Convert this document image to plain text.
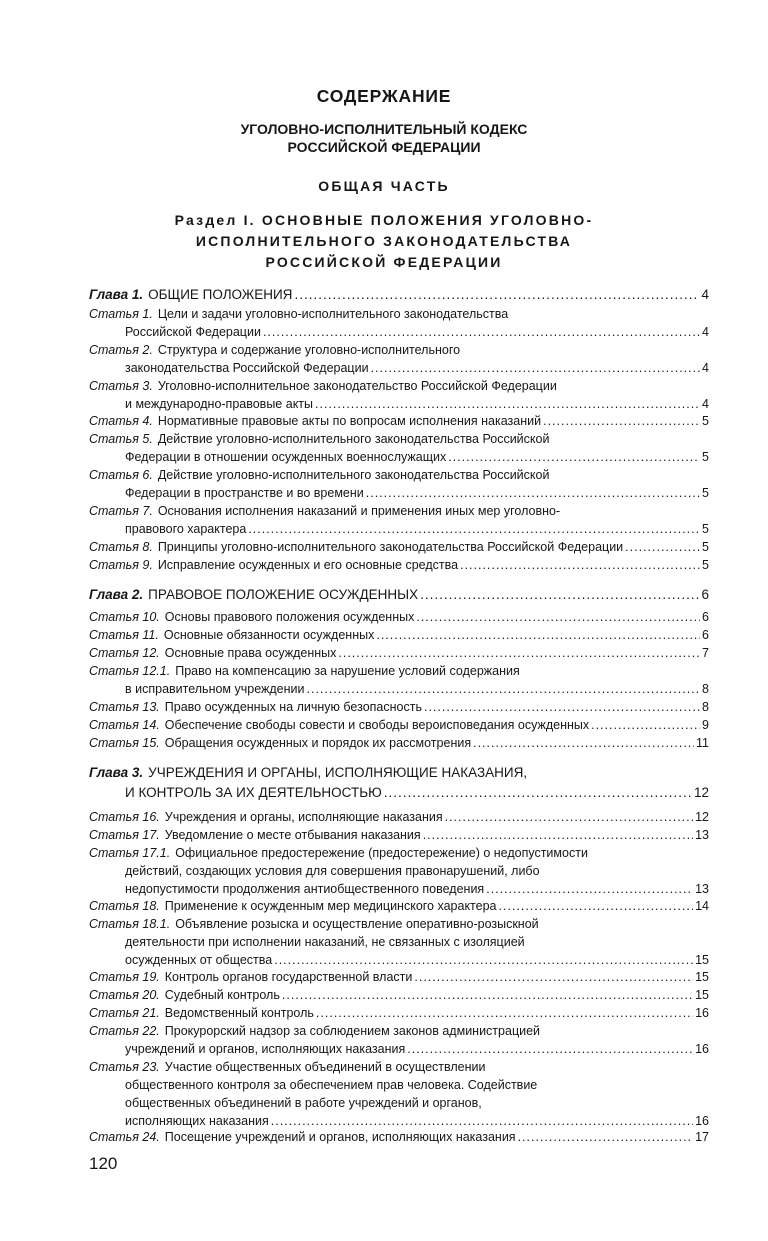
СОДЕРЖАНИЕ
УГОЛОВНО-ИСПОЛНИТЕЛЬНЫЙ КОДЕКС
РОССИЙСКОЙ ФЕДЕРАЦИИ
ОБЩАЯ ЧАСТЬ
Раздел I. ОСНОВНЫЕ ПОЛОЖЕНИЯ УГОЛОВНО-
ИСПОЛНИТЕЛЬНОГО ЗАКОНОДАТЕЛЬСТВА
РОССИЙСКОЙ ФЕДЕРАЦИИ
Глава 1. ОБЩИЕ ПОЛОЖЕНИЯ .....	4
Статья 1. Цели и задачи уголовно-исполнительного законодательства
Российской Федерации .....	4
Статья 2. Структура и содержание уголовно-исполнительного
законодательства Российской Федерации .....	4
Статья 3. Уголовно-исполнительное законодательство Российской Федерации
и международно-правовые акты .....	4
Статья 4. Нормативные правовые акты по вопросам исполнения наказаний .....	5
Статья 5. Действие уголовно-исполнительного законодательства Российской
Федерации в отношении осужденных военнослужащих .....	5
Статья 6. Действие уголовно-исполнительного законодательства Российской
Федерации в пространстве и во времени .....	5
Статья 7. Основания исполнения наказаний и применения иных мер уголовно-
правового характера .....	5
Статья 8. Принципы уголовно-исполнительного законодательства Российской Федерации .....	5
Статья 9. Исправление осужденных и его основные средства .....	5
Глава 2. ПРАВОВОЕ ПОЛОЖЕНИЕ ОСУЖДЕННЫХ .....	6
Статья 10. Основы правового положения осужденных .....	6
Статья 11. Основные обязанности осужденных .....	6
Статья 12. Основные права осужденных .....	7
Статья 12.1. Право на компенсацию за нарушение условий содержания
в исправительном учреждении .....	8
Статья 13. Право осужденных на личную безопасность .....	8
Статья 14. Обеспечение свободы совести и свободы вероисповедания осужденных .....	9
Статья 15. Обращения осужденных и порядок их рассмотрения .....	11
Глава 3. УЧРЕЖДЕНИЯ И ОРГАНЫ, ИСПОЛНЯЮЩИЕ НАКАЗАНИЯ,
И КОНТРОЛЬ ЗА ИХ ДЕЯТЕЛЬНОСТЬЮ .....	12
Статья 16. Учреждения и органы, исполняющие наказания .....	12
Статья 17. Уведомление о месте отбывания наказания .....	13
Статья 17.1. Официальное предостережение (предостережение) о недопустимости
действий, создающих условия для совершения правонарушений, либо
недопустимости продолжения антиобщественного поведения .....	13
Статья 18. Применение к осужденным мер медицинского характера .....	14
Статья 18.1. Объявление розыска и осуществление оперативно-розыскной
деятельности при исполнении наказаний, не связанных с изоляцией
осужденных от общества .....	15
Статья 19. Контроль органов государственной власти .....	15
Статья 20. Судебный контроль .....	15
Статья 21. Ведомственный контроль .....	16
Статья 22. Прокурорский надзор за соблюдением законов администрацией
учреждений и органов, исполняющих наказания .....	16
Статья 23. Участие общественных объединений в осуществлении
общественного контроля за обеспечением прав человека. Содействие
общественных объединений в работе учреждений и органов,
исполняющих наказания .....	16
Статья 24. Посещение учреждений и органов, исполняющих наказания .....	17
120
